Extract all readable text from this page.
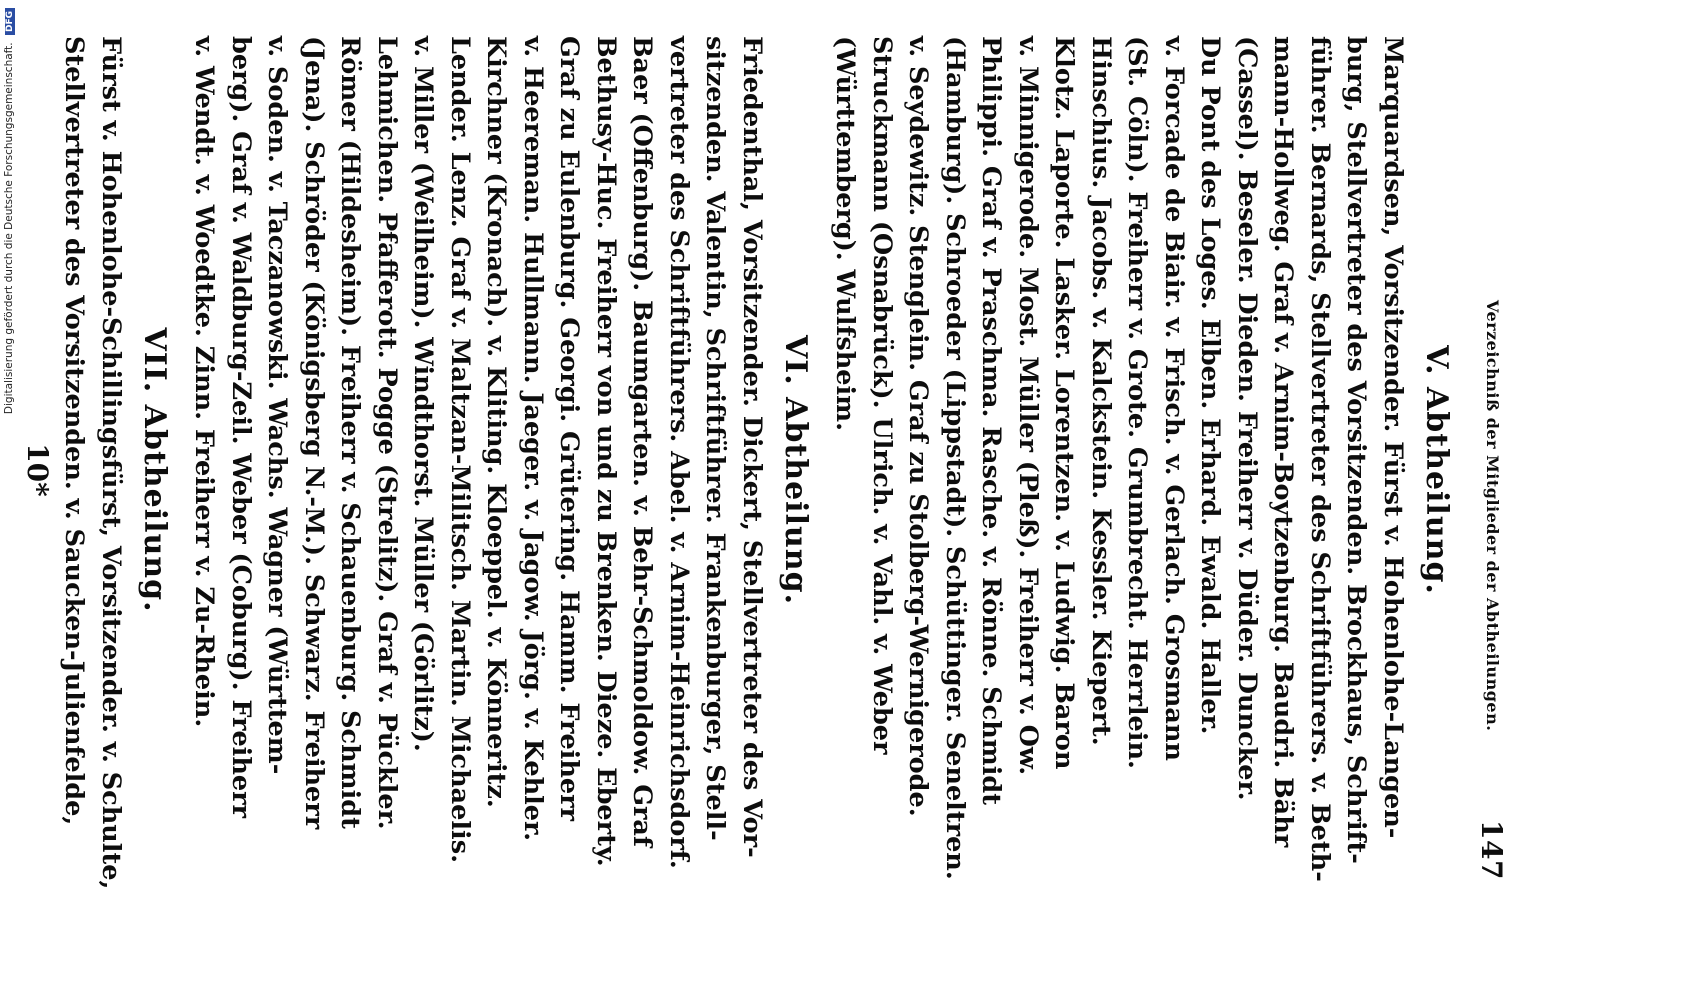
Verzeichniß der Mitglieder der Abtheilungen.
147
V. Abtheilung.

Marquardsen, Vorsitzender. Fürst v. Hohenlohe-Langen-
burg, Stellvertreter des Vorsitzenden. Brockhaus, Schrift-
führer. Bernards, Stellvertreter des Schriftführers. v. Beth-
mann-Hollweg. Graf v. Arnim-Boytzenburg. Baudri. Bähr
(Cassel). Beseler. Dieden. Freiherr v. Düder. Duncker.
Du Pont des Loges. Elben. Erhard. Ewald. Haller.
v. Forcade de Biair. v. Frisch. v. Gerlach. Grosmann
(St. Cöln). Freiherr v. Grote. Grumbrecht. Herrlein.
Hinschius. Jacobs. v. Kalckstein. Kessler. Kiepert.
Klotz. Laporte. Lasker. Lorentzen. v. Ludwig. Baron
v. Minnigerode. Most. Müller (Pleß). Freiherr v. Ow.
Philippi. Graf v. Praschma. Rasche. v. Rönne. Schmidt
(Hamburg). Schroeder (Lippstadt). Schüttinger. Seneltren.
v. Seydewitz. Stenglein. Graf zu Stolberg-Wernigerode.
Struckmann (Osnabrück). Ulrich. v. Vahl. v. Weber
(Württemberg). Wulfsheim.

VI. Abtheilung.

Friedenthal, Vorsitzender. Dickert, Stellvertreter des Vor-
sitzenden. Valentin, Schriftführer. Frankenburger, Stell-
vertreter des Schriftführers. Abel. v. Arnim-Heinrichsdorf.
Baer (Offenburg). Baumgarten. v. Behr-Schmoldow. Graf
Bethusy-Huc. Freiherr von und zu Brenken. Dieze. Eberty.
Graf zu Eulenburg. Georgi. Grütering. Hamm. Freiherr
v. Heereman. Hullmann. Jaeger. v. Jagow. Jörg. v. Kehler.
Kirchner (Kronach). v. Kliting. Kloeppel. v. Könneritz.
Lender. Lenz. Graf v. Maltzan-Militsch. Martin. Michaelis.
v. Miller (Weilheim). Windthorst. Müller (Görlitz).
Lehmichen. Pfafferott. Pogge (Strelitz). Graf v. Pückler.
Römer (Hildesheim). Freiherr v. Schauenburg. Schmidt
(Jena). Schröder (Königsberg N.-M.). Schwarz. Freiherr
v. Soden. v. Taczanowski. Wachs. Wagner (Württem-
berg). Graf v. Waldburg-Zeil. Weber (Coburg). Freiherr
v. Wendt. v. Woedtke. Zinn. Freiherr v. Zu-Rhein.

VII. Abtheilung.

Fürst v. Hohenlohe-Schillingsfürst, Vorsitzender. v. Schulte,
Stellvertreter des Vorsitzenden. v. Saucken-Julienfelde,

10*
Digitalisierung gefördert durch die Deutsche Forschungsgemeinschaft. DFG
